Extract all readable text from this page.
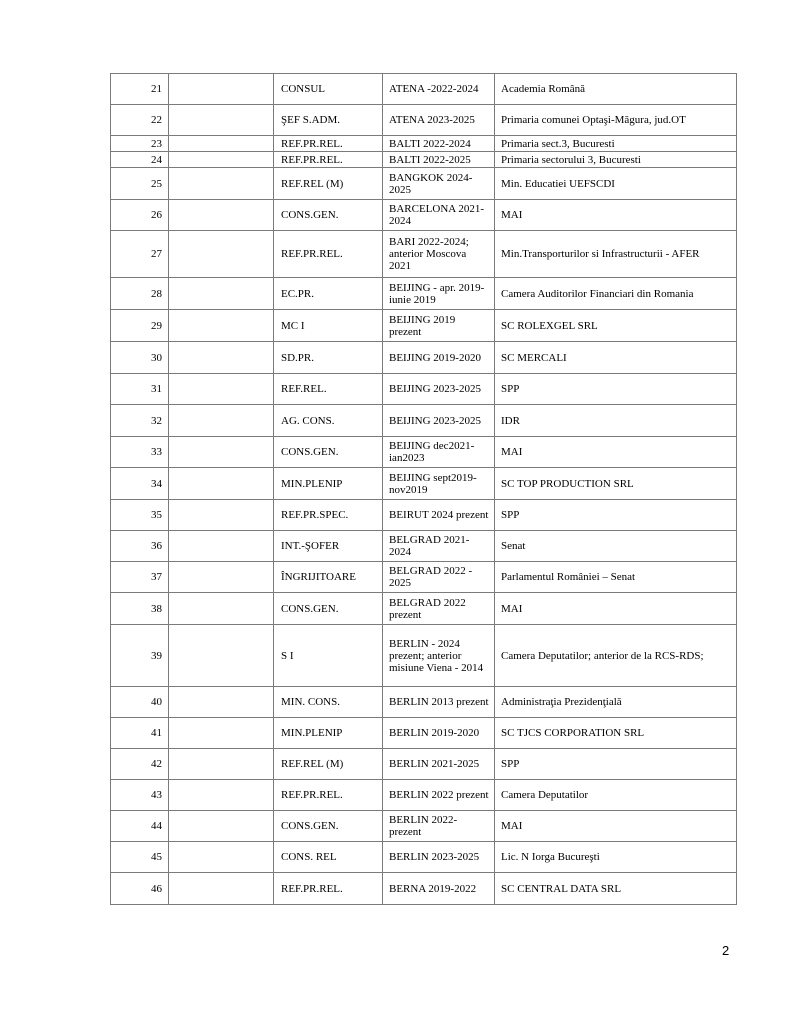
21		CONSUL	ATENA -2022-2024	Academia Română
22		ŞEF S.ADM.	ATENA 2023-2025	Primaria comunei Optaşi-Măgura, jud.OT
23		REF.PR.REL.	BALTI 2022-2024	Primaria sect.3, Bucuresti
24		REF.PR.REL.	BALTI 2022-2025	Primaria sectorului 3, Bucuresti
25		REF.REL (M)	BANGKOK 2024-2025	Min. Educatiei UEFSCDI
26		CONS.GEN.	BARCELONA 2021-2024	MAI
27		REF.PR.REL.	BARI 2022-2024; anterior Moscova 2021	Min.Transporturilor si Infrastructurii - AFER
28		EC.PR.	BEIJING - apr. 2019-iunie 2019	Camera Auditorilor Financiari din Romania
29		MC I	BEIJING 2019 prezent	SC ROLEXGEL SRL
30		SD.PR.	BEIJING 2019-2020	SC MERCALI
31		REF.REL.	BEIJING 2023-2025	SPP
32		AG. CONS.	BEIJING 2023-2025	IDR
33		CONS.GEN.	BEIJING dec2021-ian2023	MAI
34		MIN.PLENIP	BEIJING sept2019-nov2019	SC TOP PRODUCTION SRL
35		REF.PR.SPEC.	BEIRUT 2024 prezent	SPP
36		INT.-ŞOFER	BELGRAD 2021-2024	Senat
37		ÎNGRIJITOARE	BELGRAD 2022 - 2025	Parlamentul României – Senat
38		CONS.GEN.	BELGRAD 2022 prezent	MAI
39		S I	BERLIN - 2024 prezent; anterior misiune Viena - 2014	Camera Deputatilor; anterior de la RCS-RDS;
40		MIN. CONS.	BERLIN 2013 prezent	Administraţia Prezidenţială
41		MIN.PLENIP	BERLIN 2019-2020	SC TJCS CORPORATION SRL
42		REF.REL (M)	BERLIN 2021-2025	SPP
43		REF.PR.REL.	BERLIN 2022 prezent	Camera Deputatilor
44		CONS.GEN.	BERLIN 2022-prezent	MAI
45		CONS. REL	BERLIN 2023-2025	Lic. N Iorga Bucureşti
46		REF.PR.REL.	BERNA 2019-2022	SC CENTRAL DATA SRL
2
